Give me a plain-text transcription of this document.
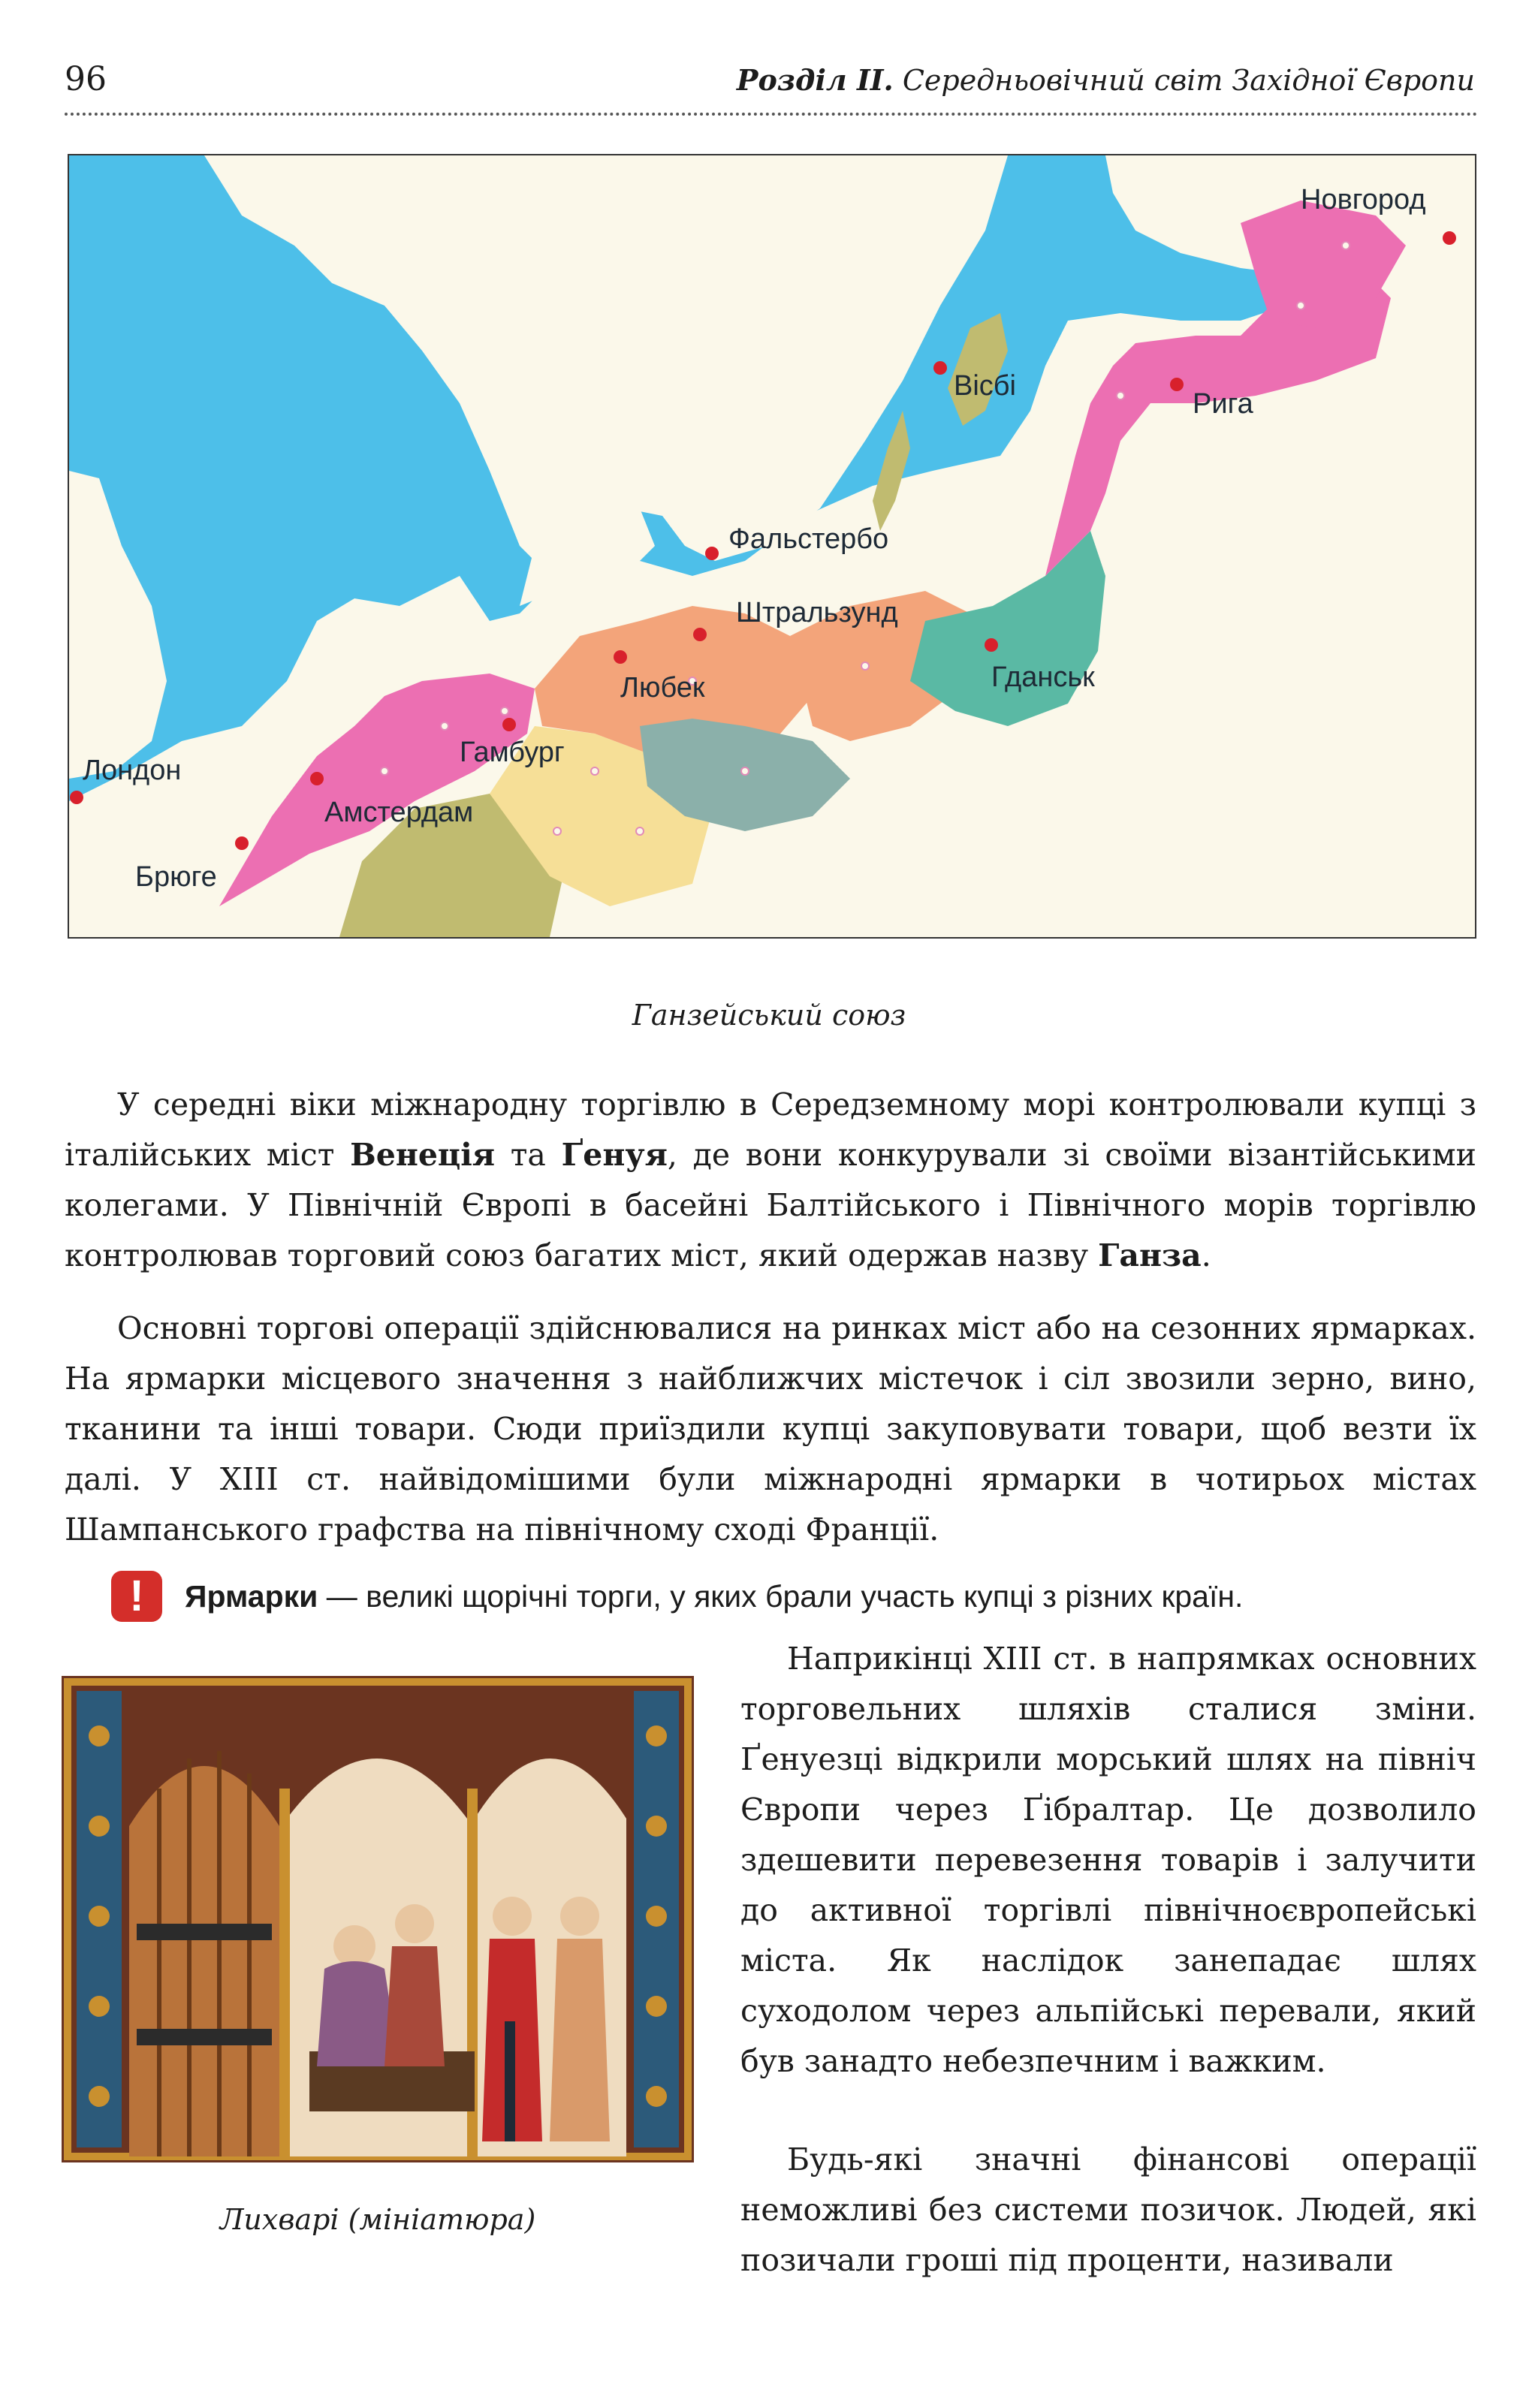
96	Розділ ІІ. Середньовічний світ Західної Європи
Новгород
Вісбі
Рига
Фальстербо
Штральзунд
Любек	Гданськ
Гамбург
Лондон
Амстердам
Брюге
Ганзейський союз

У середні віки міжнародну торгівлю в Середземному морі контролювали купці з італійських міст Венеція та Ґенуя, де вони конкурували зі своїми візантійськими колегами. У Північній Європі в басейні Балтійського і Північного морів торгівлю контролював торговий союз багатих міст, який одержав назву Ганза.

Основні торгові операції здійснювалися на ринках міст або на сезонних ярмарках. На ярмарки місцевого значення з найближчих містечок і сіл звозили зерно, вино, тканини та інші товари. Сюди приїздили купці закуповувати товари, щоб везти їх далі. У ХІІІ ст. найвідомішими були міжнародні ярмарки в чотирьох містах Шампанського графства на північному сході Франції.

!	Ярмарки — великі щорічні торги, у яких брали участь купці з різних країн.
Лихварі (мініатюра)

Наприкінці ХІІІ ст. в напрямках основних торговельних шляхів сталися зміни. Ґенуезці відкрили морський шлях на північ Європи через Ґібралтар. Це дозволило здешевити перевезення товарів і залучити до активної торгівлі північноєвропейські міста. Як наслідок занепадає шлях суходолом через альпійські перевали, який був занадто небезпечним і важким.

Будь-які значні фінансові операції неможливі без системи позичок. Людей, які позичали гроші під проценти, називали
